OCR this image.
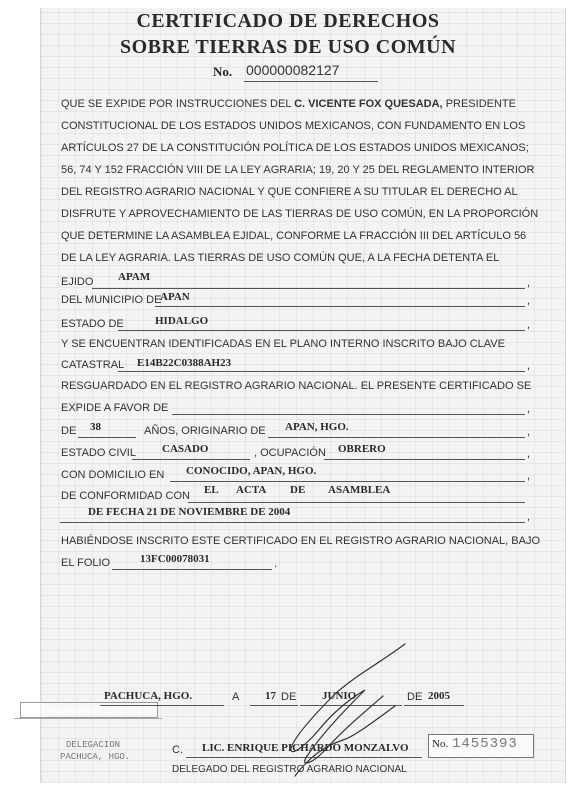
CERTIFICADO DE DERECHOS
SOBRE TIERRAS DE USO COMÚN
No. 000000082127
QUE SE EXPIDE POR INSTRUCCIONES DEL C. VICENTE FOX QUESADA, PRESIDENTE
CONSTITUCIONAL DE LOS ESTADOS UNIDOS MEXICANOS, CON FUNDAMENTO EN LOS
ARTÍCULOS 27 DE LA CONSTITUCIÓN POLÍTICA DE LOS ESTADOS UNIDOS MEXICANOS;
56, 74 Y 152 FRACCIÓN VIII DE LA LEY AGRARIA; 19, 20 Y 25 DEL REGLAMENTO INTERIOR
DEL REGISTRO AGRARIO NACIONAL Y QUE CONFIERE A SU TITULAR EL DERECHO AL
DISFRUTE Y APROVECHAMIENTO DE LAS TIERRAS DE USO COMÚN, EN LA PROPORCIÓN
QUE DETERMINE LA ASAMBLEA EJIDAL, CONFORME LA FRACCIÓN III DEL ARTÍCULO 56
DE LA LEY AGRARIA. LAS TIERRAS DE USO COMÚN QUE, A LA FECHA DETENTA EL
EJIDO APAM	,
DEL MUNICIPIO DE
APAN	,
ESTADO DE	HIDALGO	,
Y SE ENCUENTRAN IDENTIFICADAS EN EL PLANO INTERNO INSCRITO BAJO CLAVE
CATASTRAL E14B22C0388AH23	,
RESGUARDADO EN EL REGISTRO AGRARIO NACIONAL. EL PRESENTE CERTIFICADO SE
EXPIDE A FAVOR DE	,
DE 38	AÑOS, ORIGINARIO DE APAN, HGO.	,
ESTADO CIVIL CASADO	, OCUPACIÓN OBRERO	,
CON DOMICILIO EN CONOCIDO, APAN, HGO.	,
DE CONFORMIDAD CON EL ACTA DE ASAMBLEA
DE FECHA 21 DE NOVIEMBRE DE 2004	,
HABIÉNDOSE INSCRITO ESTE CERTIFICADO EN EL REGISTRO AGRARIO NACIONAL, BAJO
EL FOLIO	13FC00078031	.
DELEGACION
PACHUCA, HGO.
PACHUCA, HGO.	A 17 DE JUNIO	DE 2005
C. LIC. ENRIQUE PICHARDO MONZALVO No. 1455393
DELEGADO DEL REGISTRO AGRARIO NACIONAL
